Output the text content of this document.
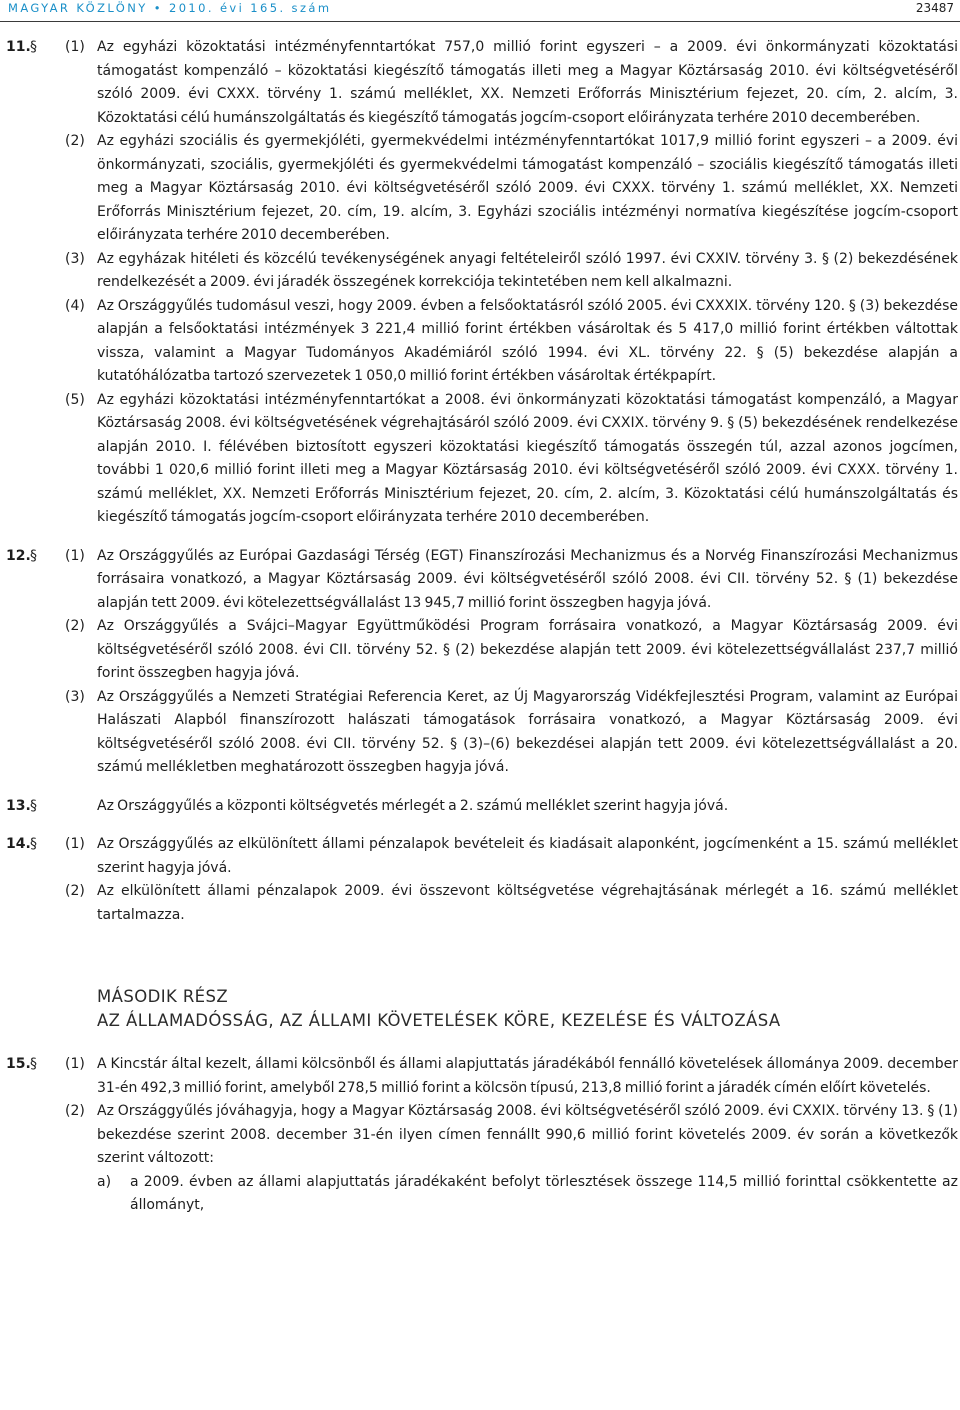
MAGYAR KÖZLÖNY • 2010. évi 165. szám	23487
11. § (1) Az egyházi közoktatási intézményfenntartókat 757,0 millió forint egyszeri – a 2009. évi önkormányzati közoktatási támogatást kompenzáló – közoktatási kiegészítő támogatás illeti meg a Magyar Köztársaság 2010. évi költségvetéséről szóló 2009. évi CXXX. törvény 1. számú melléklet, XX. Nemzeti Erőforrás Minisztérium fejezet, 20. cím, 2. alcím, 3. Közoktatási célú humánszolgáltatás és kiegészítő támogatás jogcím-csoport előirányzata terhére 2010 decemberében.
(2) Az egyházi szociális és gyermekjóléti, gyermekvédelmi intézményfenntartókat 1017,9 millió forint egyszeri – a 2009. évi önkormányzati, szociális, gyermekjóléti és gyermekvédelmi támogatást kompenzáló – szociális kiegészítő támogatás illeti meg a Magyar Köztársaság 2010. évi költségvetéséről szóló 2009. évi CXXX. törvény 1. számú melléklet, XX. Nemzeti Erőforrás Minisztérium fejezet, 20. cím, 19. alcím, 3. Egyházi szociális intézményi normatíva kiegészítése jogcím-csoport előirányzata terhére 2010 decemberében.
(3) Az egyházak hitéleti és közcélú tevékenységének anyagi feltételeiről szóló 1997. évi CXXIV. törvény 3. § (2) bekezdésének rendelkezését a 2009. évi járadék összegének korrekciója tekintetében nem kell alkalmazni.
(4) Az Országgyűlés tudomásul veszi, hogy 2009. évben a felsőoktatásról szóló 2005. évi CXXXIX. törvény 120. § (3) bekezdése alapján a felsőoktatási intézmények 3 221,4 millió forint értékben vásároltak és 5 417,0 millió forint értékben váltottak vissza, valamint a Magyar Tudományos Akadémiáról szóló 1994. évi XL. törvény 22. § (5) bekezdése alapján a kutatóhálózatba tartozó szervezetek 1 050,0 millió forint értékben vásároltak értékpapírt.
(5) Az egyházi közoktatási intézményfenntartókat a 2008. évi önkormányzati közoktatási támogatást kompenzáló, a Magyar Köztársaság 2008. évi költségvetésének végrehajtásáról szóló 2009. évi CXXIX. törvény 9. § (5) bekezdésének rendelkezése alapján 2010. I. félévében biztosított egyszeri közoktatási kiegészítő támogatás összegén túl, azzal azonos jogcímen, további 1 020,6 millió forint illeti meg a Magyar Köztársaság 2010. évi költségvetéséről szóló 2009. évi CXXX. törvény 1. számú melléklet, XX. Nemzeti Erőforrás Minisztérium fejezet, 20. cím, 2. alcím, 3. Közoktatási célú humánszolgáltatás és kiegészítő támogatás jogcím-csoport előirányzata terhére 2010 decemberében.
12. § (1) Az Országgyűlés az Európai Gazdasági Térség (EGT) Finanszírozási Mechanizmus és a Norvég Finanszírozási Mechanizmus forrásaira vonatkozó, a Magyar Köztársaság 2009. évi költségvetéséről szóló 2008. évi CII. törvény 52. § (1) bekezdése alapján tett 2009. évi kötelezettségvállalást 13 945,7 millió forint összegben hagyja jóvá.
(2) Az Országgyűlés a Svájci–Magyar Együttműködési Program forrásaira vonatkozó, a Magyar Köztársaság 2009. évi költségvetéséről szóló 2008. évi CII. törvény 52. § (2) bekezdése alapján tett 2009. évi kötelezettségvállalást 237,7 millió forint összegben hagyja jóvá.
(3) Az Országgyűlés a Nemzeti Stratégiai Referencia Keret, az Új Magyarország Vidékfejlesztési Program, valamint az Európai Halászati Alapból finanszírozott halászati támogatások forrásaira vonatkozó, a Magyar Köztársaság 2009. évi költségvetéséről szóló 2008. évi CII. törvény 52. § (3)–(6) bekezdései alapján tett 2009. évi kötelezettségvállalást a 20. számú mellékletben meghatározott összegben hagyja jóvá.
13. §	Az Országgyűlés a központi költségvetés mérlegét a 2. számú melléklet szerint hagyja jóvá.
14. § (1) Az Országgyűlés az elkülönített állami pénzalapok bevételeit és kiadásait alaponként, jogcímenként a 15. számú melléklet szerint hagyja jóvá.
(2) Az elkülönített állami pénzalapok 2009. évi összevont költségvetése végrehajtásának mérlegét a 16. számú melléklet tartalmazza.
MÁSODIK RÉSZ
AZ ÁLLAMADÓSSÁG, AZ ÁLLAMI KÖVETELÉSEK KÖRE, KEZELÉSE ÉS VÁLTOZÁSA
15. § (1) A Kincstár által kezelt, állami kölcsönből és állami alapjuttatás járadékából fennálló követelések állománya 2009. december 31-én 492,3 millió forint, amelyből 278,5 millió forint a kölcsön típusú, 213,8 millió forint a járadék címén előírt követelés.
(2) Az Országgyűlés jóváhagyja, hogy a Magyar Köztársaság 2008. évi költségvetéséről szóló 2009. évi CXXIX. törvény 13. § (1) bekezdése szerint 2008. december 31-én ilyen címen fennállt 990,6 millió forint követelés 2009. év során a következők szerint változott:
a) a 2009. évben az állami alapjuttatás járadékaként befolyt törlesztések összege 114,5 millió forinttal csökkentette az állományt,
